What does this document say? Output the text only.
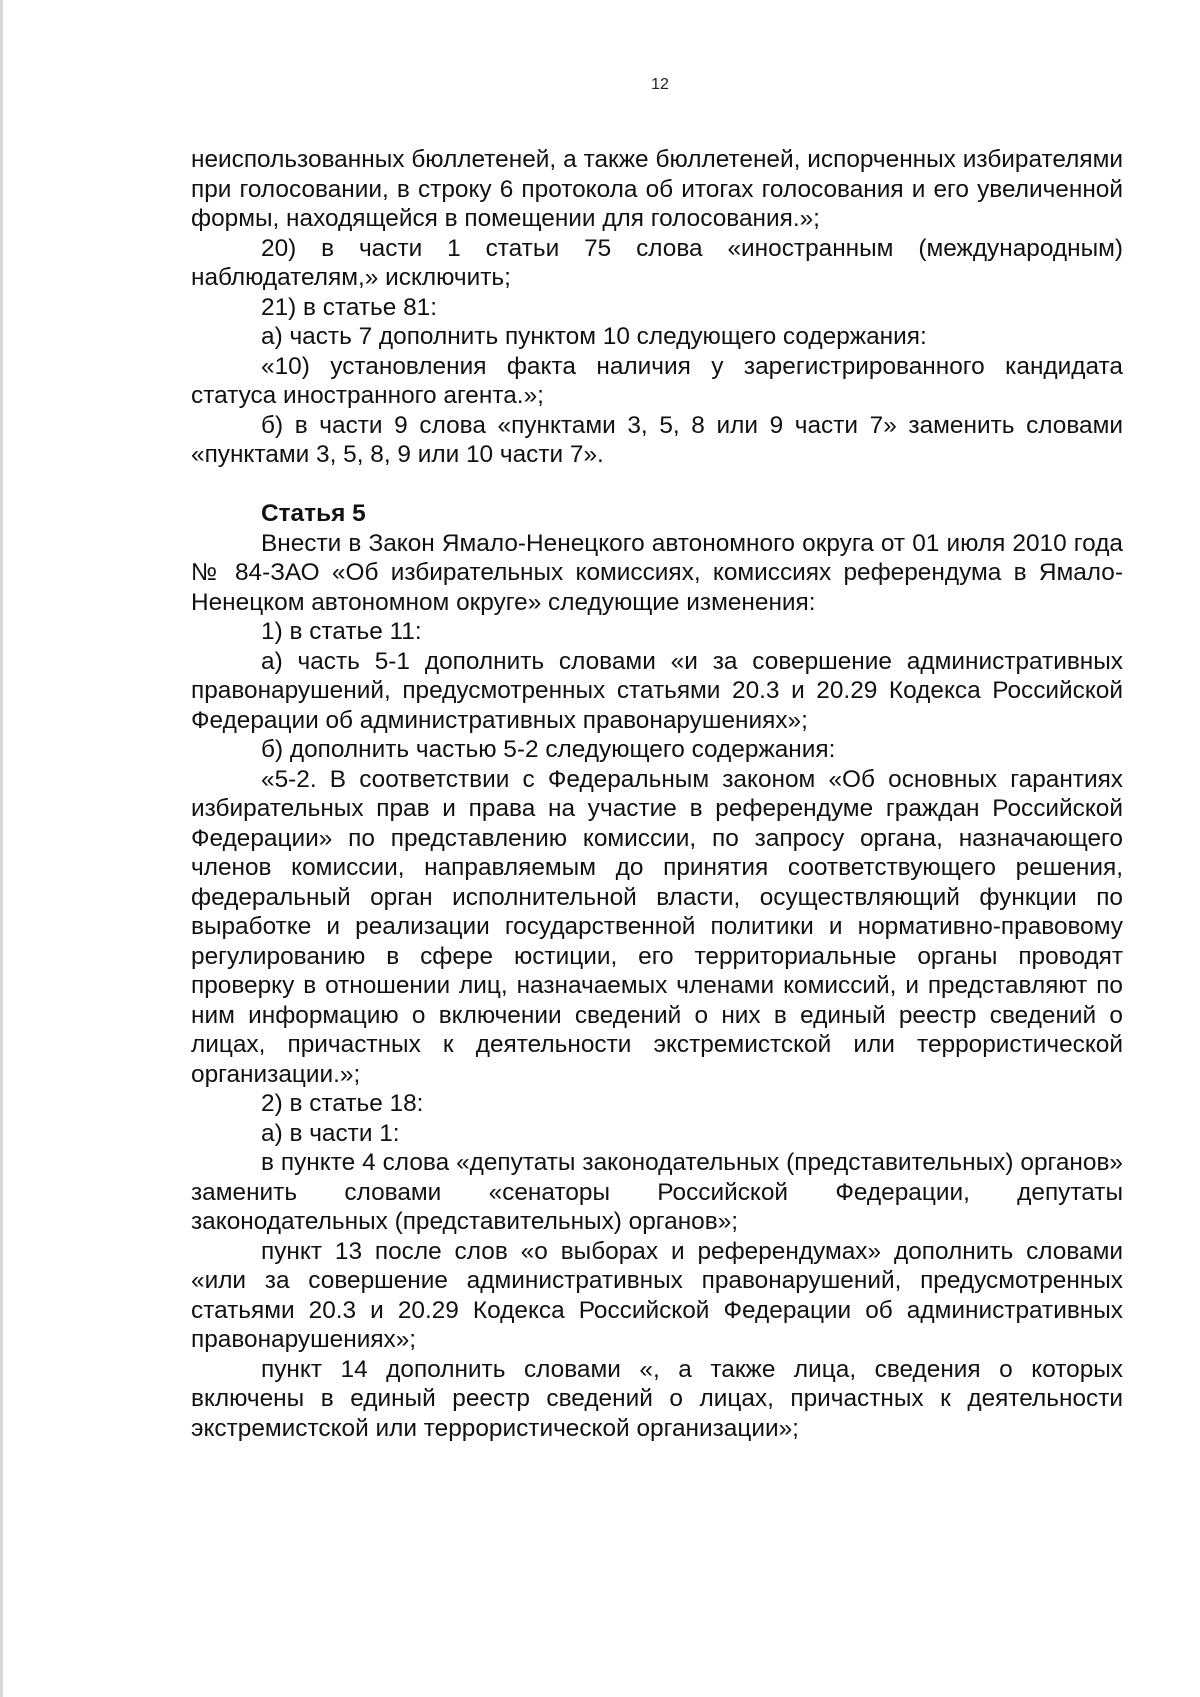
12

неиспользованных бюллетеней, а также бюллетеней, испорченных избирателями при голосовании, в строку 6 протокола об итогах голосования и его увеличенной формы, находящейся в помещении для голосования.»;

20) в части 1 статьи 75 слова «иностранным (международным) наблюдателям,» исключить;

21) в статье 81:

а) часть 7 дополнить пунктом 10 следующего содержания:

«10) установления факта наличия у зарегистрированного кандидата статуса иностранного агента.»;

б) в части 9 слова «пунктами 3, 5, 8 или 9 части 7» заменить словами «пунктами 3, 5, 8, 9 или 10 части 7».

Статья 5

Внести в Закон Ямало-Ненецкого автономного округа от 01 июля 2010 года № 84-ЗАО «Об избирательных комиссиях, комиссиях референдума в Ямало-Ненецком автономном округе» следующие изменения:

1) в статье 11:

а) часть 5-1 дополнить словами «и за совершение административных правонарушений, предусмотренных статьями 20.3 и 20.29 Кодекса Российской Федерации об административных правонарушениях»;

б) дополнить частью 5-2 следующего содержания:

«5-2. В соответствии с Федеральным законом «Об основных гарантиях избирательных прав и права на участие в референдуме граждан Российской Федерации» по представлению комиссии, по запросу органа, назначающего членов комиссии, направляемым до принятия соответствующего решения, федеральный орган исполнительной власти, осуществляющий функции по выработке и реализации государственной политики и нормативно-правовому регулированию в сфере юстиции, его территориальные органы проводят проверку в отношении лиц, назначаемых членами комиссий, и представляют по ним информацию о включении сведений о них в единый реестр сведений о лицах, причастных к деятельности экстремистской или террористической организации.»;

2) в статье 18:

а) в части 1:

в пункте 4 слова «депутаты законодательных (представительных) органов» заменить словами «сенаторы Российской Федерации, депутаты законодательных (представительных) органов»;

пункт 13 после слов «о выборах и референдумах» дополнить словами «или за совершение административных правонарушений, предусмотренных статьями 20.3 и 20.29 Кодекса Российской Федерации об административных правонарушениях»;

пункт 14 дополнить словами «, а также лица, сведения о которых включены в единый реестр сведений о лицах, причастных к деятельности экстремистской или террористической организации»;
